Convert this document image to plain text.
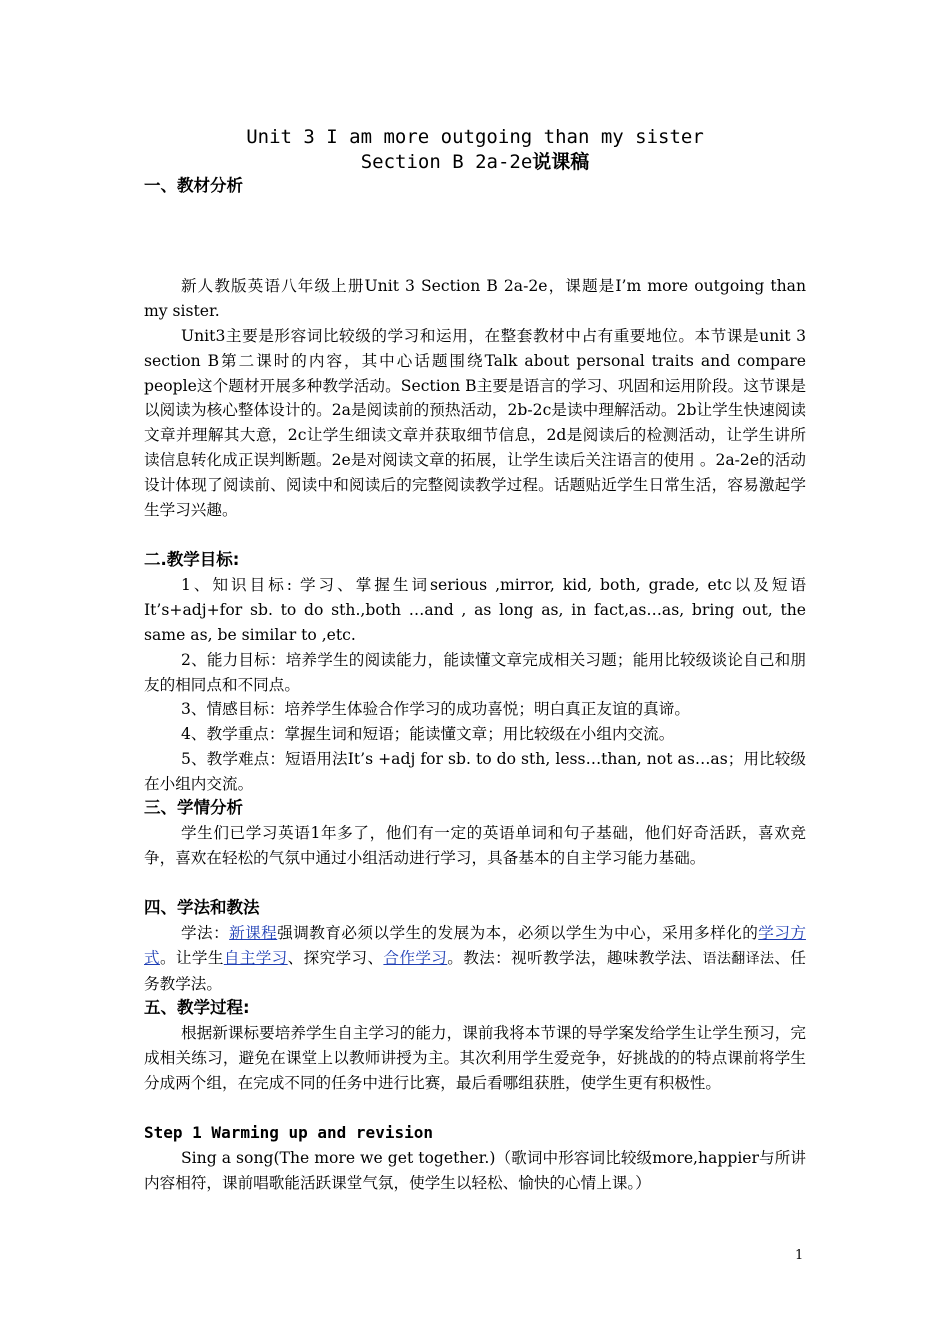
Unit 3 I am more outgoing than my sister
Section B 2a-2e说课稿
一、教材分析
新人教版英语八年级上册Unit 3 Section B 2a-2e，课题是I’m more outgoing than my sister.
Unit3主要是形容词比较级的学习和运用，在整套教材中占有重要地位。本节课是unit 3 section B第二课时的内容，其中心话题围绕Talk about personal traits and compare people这个题材开展多种教学活动。Section B主要是语言的学习、巩固和运用阶段。这节课是以阅读为核心整体设计的。2a是阅读前的预热活动，2b-2c是读中理解活动。2b让学生快速阅读文章并理解其大意，2c让学生细读文章并获取细节信息，2d是阅读后的检测活动，让学生讲所读信息转化成正误判断题。2e是对阅读文章的拓展，让学生读后关注语言的使用 。2a-2e的活动设计体现了阅读前、阅读中和阅读后的完整阅读教学过程。话题贴近学生日常生活，容易激起学生学习兴趣。
二.教学目标:
1、知识目标: 学习、掌握生词serious ,mirror, kid, both, grade, etc以及短语It’s+adj+for sb. to do sth.,both …and , as long as, in fact,as…as, bring out, the same as, be similar to ,etc.
2、能力目标：培养学生的阅读能力，能读懂文章完成相关习题；能用比较级谈论自己和朋友的相同点和不同点。
3、情感目标：培养学生体验合作学习的成功喜悦；明白真正友谊的真谛。
4、教学重点：掌握生词和短语；能读懂文章；用比较级在小组内交流。
5、教学难点：短语用法It’s +adj for sb. to do sth, less…than, not as…as；用比较级在小组内交流。
三、学情分析
学生们已学习英语1年多了，他们有一定的英语单词和句子基础，他们好奇活跃，喜欢竞争，喜欢在轻松的气氛中通过小组活动进行学习，具备基本的自主学习能力基础。
四、学法和教法
学法：新课程强调教育必须以学生的发展为本，必须以学生为中心，采用多样化的学习方式。让学生自主学习、探究学习、合作学习。教法：视听教学法，趣味教学法、语法翻译法、任务教学法。
五、教学过程:
根据新课标要培养学生自主学习的能力，课前我将本节课的导学案发给学生让学生预习，完成相关练习，避免在课堂上以教师讲授为主。其次利用学生爱竞争，好挑战的的特点课前将学生分成两个组，在完成不同的任务中进行比赛，最后看哪组获胜，使学生更有积极性。
Step 1 Warming up and revision
Sing a song(The more we get together.)（歌词中形容词比较级more,happier与所讲内容相符，课前唱歌能活跃课堂气氛，使学生以轻松、愉快的心情上课。）
1
